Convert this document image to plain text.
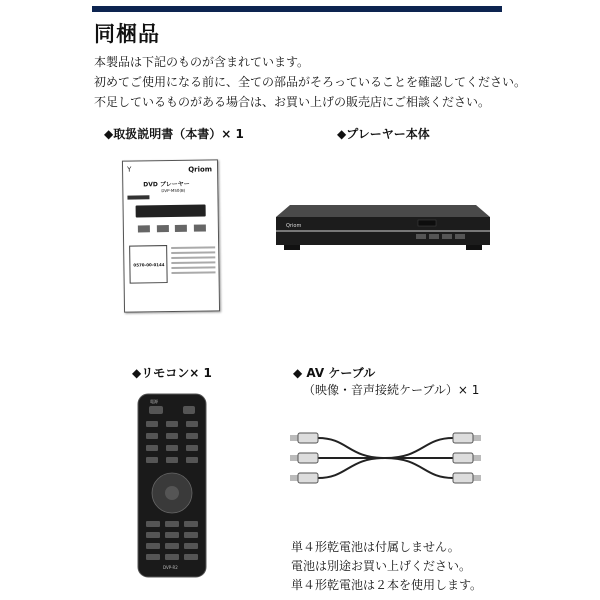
同梱品
本製品は下記のものが含まれています。
初めてご使用になる前に、全ての部品がそろっていることを確認してください。
不足しているものがある場合は、お買い上げの販売店にご相談ください。
◆取扱説明書（本書）× 1	◆プレーヤー本体
Y	Qriom
DVD プレーヤー
DVP-M50(B)
0570-00-0144
Qriom
◆リモコン× 1	◆ AV ケーブル
（映像・音声接続ケーブル）× 1
電源
DVP-R2
単４形乾電池は付属しません。
電池は別途お買い上げください。
単４形乾電池は２本を使用します。
